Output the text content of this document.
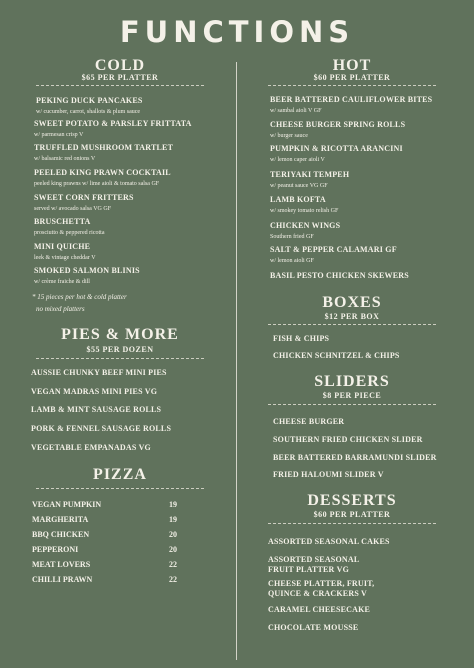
FUNCTIONS
COLD
$65 PER PLATTER
PEKING DUCK PANCAKES
w/ cucumber, carrot, shallots & plum sauce
SWEET POTATO & PARSLEY FRITTATA
w/ parmesan crisp V
TRUFFLED MUSHROOM TARTLET
w/ balsamic red onions V
PEELED KING PRAWN COCKTAIL
peeled king prawns w/ lime aioli & tomato salsa GF
SWEET CORN FRITTERS
served w/ avocado salsa VG GF
BRUSCHETTA
prosciutto & peppered ricotta
MINI QUICHE
leek & vintage cheddar V
SMOKED SALMON BLINIS
w/ crème fraiche & dill
* 15 pieces per hot & cold platter
no mixed platters
PIES & MORE
$55 PER DOZEN
AUSSIE CHUNKY BEEF MINI PIES
VEGAN MADRAS MINI PIES VG
LAMB & MINT SAUSAGE ROLLS
PORK & FENNEL SAUSAGE ROLLS
VEGETABLE EMPANADAS VG
PIZZA
VEGAN PUMPKIN	19
MARGHERITA	19
BBQ CHICKEN	20
PEPPERONI	20
MEAT LOVERS	22
CHILLI PRAWN	22
HOT
$60 PER PLATTER
BEER BATTERED CAULIFLOWER BITES
w/ sambal aioli V GF
CHEESE BURGER SPRING ROLLS
w/ burger sauce
PUMPKIN & RICOTTA ARANCINI
w/ lemon caper aioli V
TERIYAKI TEMPEH
w/ peanut sauce VG GF
LAMB KOFTA
w/ smokey tomato relish GF
CHICKEN WINGS
Southern fried GF
SALT & PEPPER CALAMARI GF
w/ lemon aioli GF
BASIL PESTO CHICKEN SKEWERS
BOXES
$12 PER BOX
FISH & CHIPS
CHICKEN SCHNITZEL & CHIPS
SLIDERS
$8 PER PIECE
CHEESE BURGER
SOUTHERN FRIED CHICKEN SLIDER
BEER BATTERED BARRAMUNDI SLIDER
FRIED HALOUMI SLIDER V
DESSERTS
$60 PER PLATTER
ASSORTED SEASONAL CAKES
ASSORTED SEASONAL
FRUIT PLATTER VG
CHEESE PLATTER, FRUIT,
QUINCE & CRACKERS V
CARAMEL CHEESECAKE
CHOCOLATE MOUSSE
